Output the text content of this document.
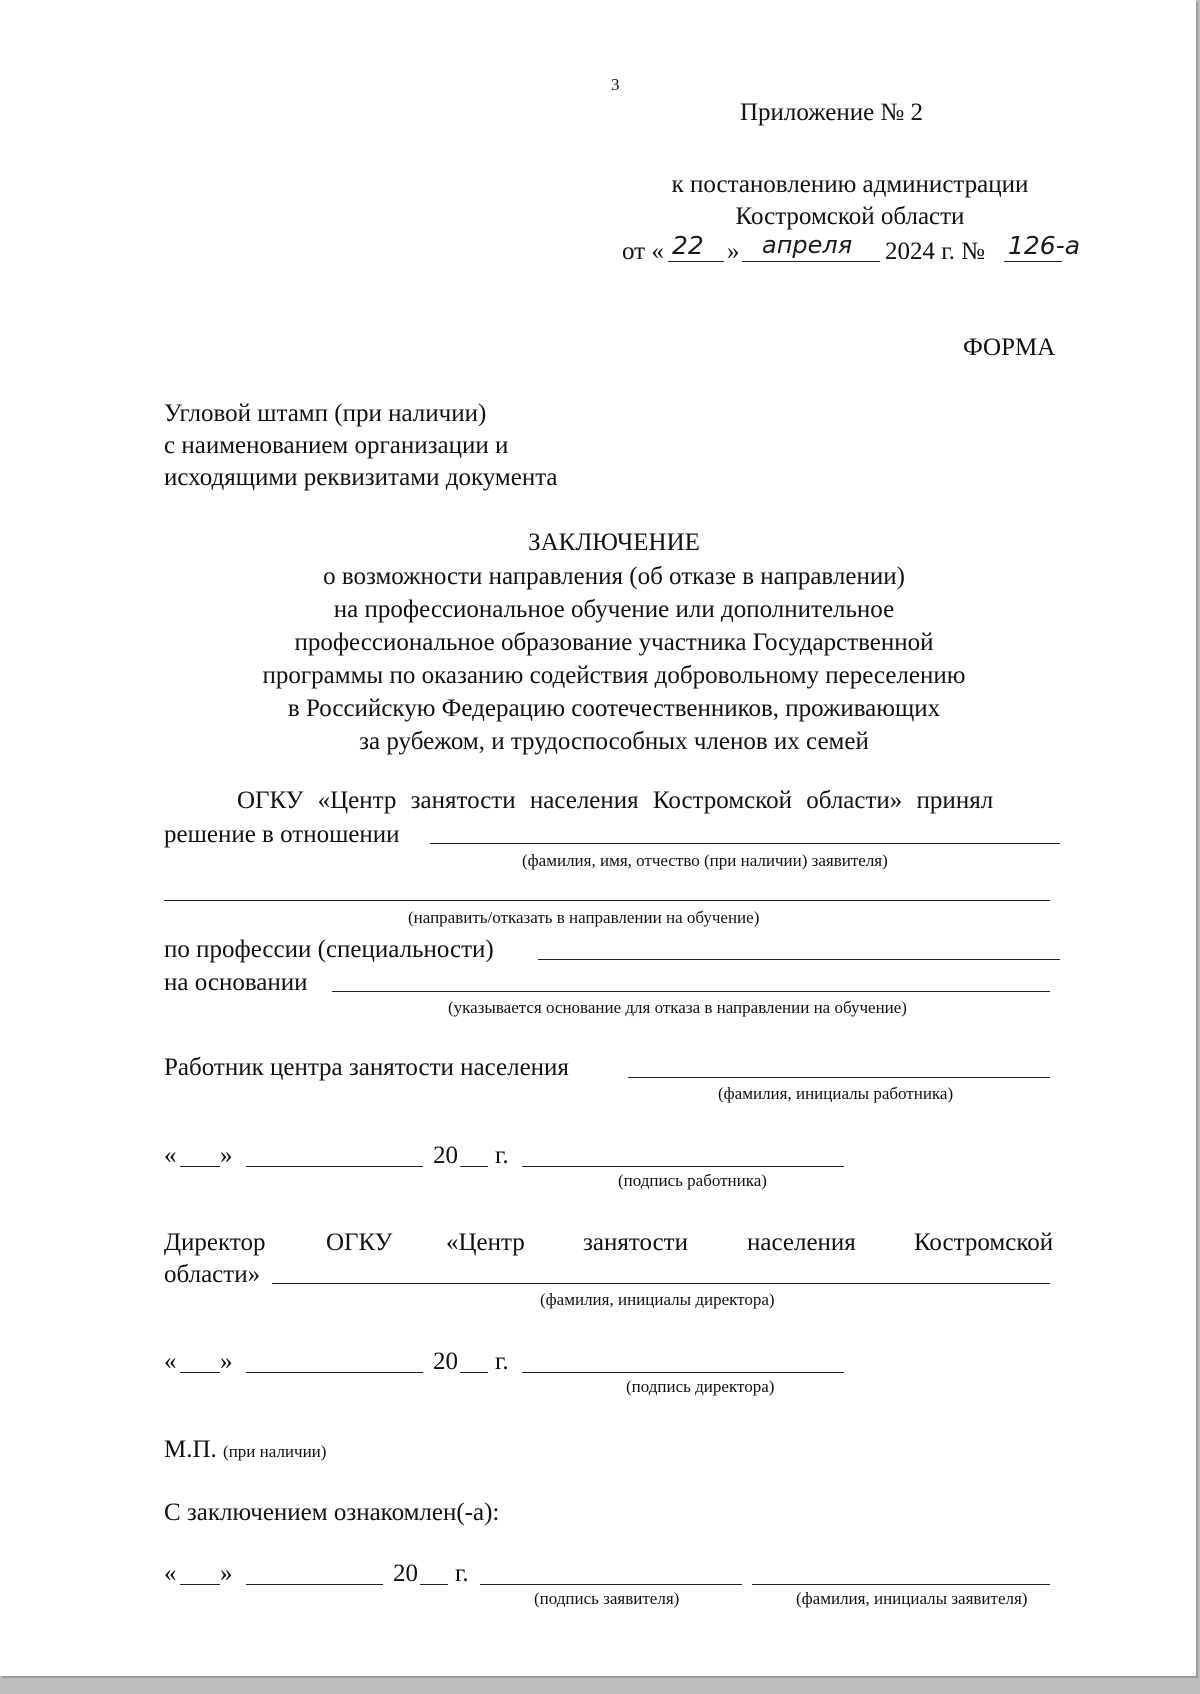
3

Приложение № 2

к постановлению администрации

Костромской области

от « 22 » апреля 2024 г. № 126-а

ФОРМА

Угловой штамп (при наличии)

с наименованием организации и

исходящими реквизитами документа

ЗАКЛЮЧЕНИЕ

о возможности направления (об отказе в направлении)

на профессиональное обучение или дополнительное

профессиональное образование участника Государственной

программы по оказанию содействия добровольному переселению

в Российскую Федерацию соотечественников, проживающих

за рубежом, и трудоспособных членов их семей

ОГКУ «Центр занятости населения Костромской области» принял

решение в отношении

(фамилия, имя, отчество (при наличии) заявителя)

(направить/отказать в направлении на обучение)

по профессии (специальности)

на основании

(указывается основание для отказа в направлении на обучение)

Работник центра занятости населения

(фамилия, инициалы работника)

« »	20 г.

(подпись работника)

Директор ОГКУ «Центр занятости населения Костромской

области»

(фамилия, инициалы директора)

« »	20 г.

(подпись директора)

М.П. (при наличии)

С заключением ознакомлен(-а):

« »	20 г.

(подпись заявителя)	(фамилия, инициалы заявителя)
